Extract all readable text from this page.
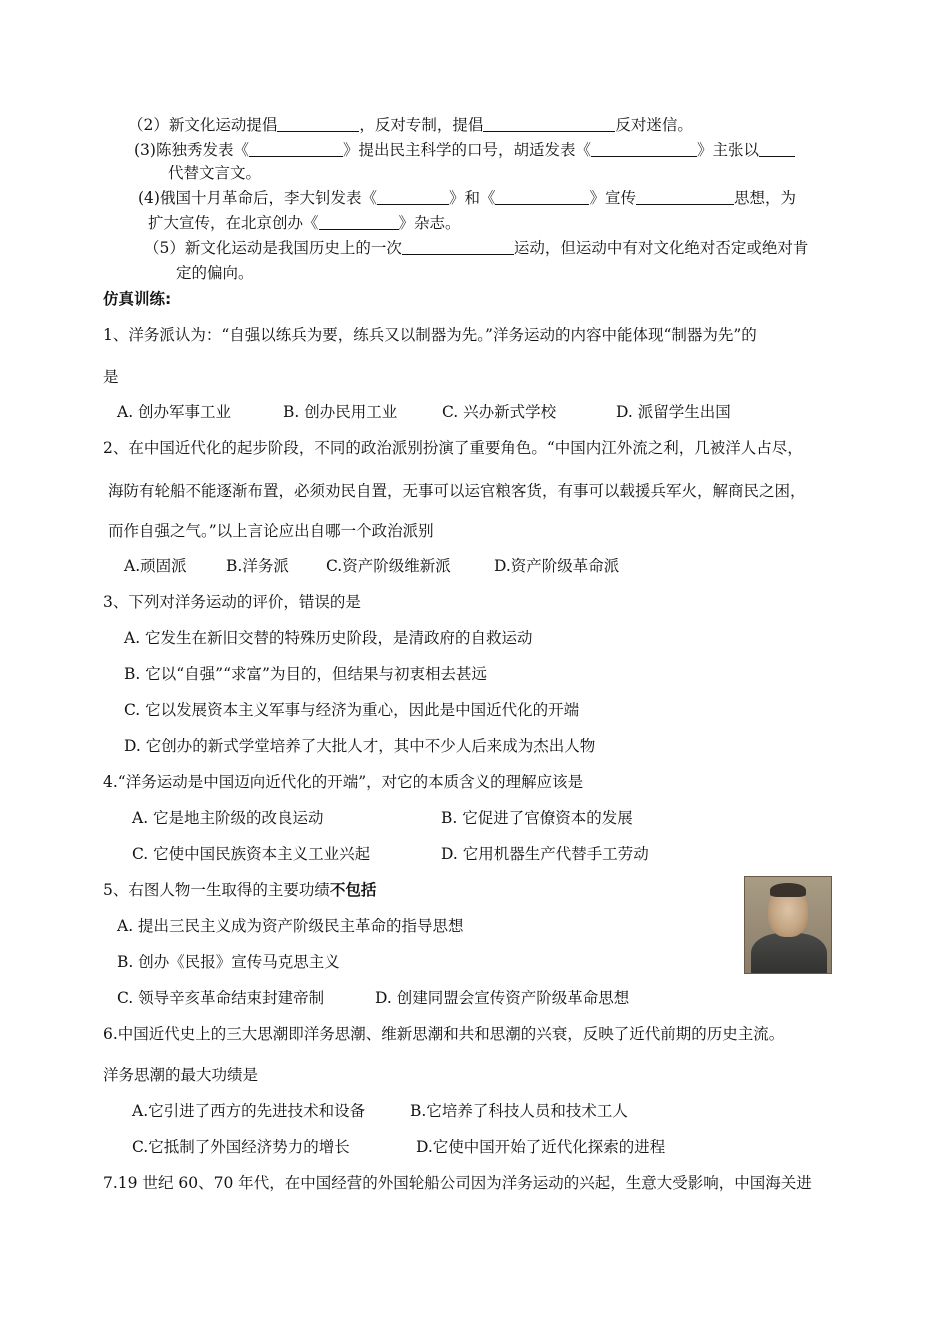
（2）新文化运动提倡	，反对专制，提倡	反对迷信。
(3)陈独秀发表《	》提出民主科学的口号，胡适发表《	》主张以
代替文言文。
(4)俄国十月革命后，李大钊发表《	》和《	》宣传	思想，为
扩大宣传，在北京创办《	》杂志。
（5）新文化运动是我国历史上的一次	运动，但运动中有对文化绝对否定或绝对肯
定的偏向。
仿真训练:
1、洋务派认为：“自强以练兵为要，练兵又以制器为先。”洋务运动的内容中能体现“制器为先”的
是
A. 创办军事工业	B. 创办民用工业	C. 兴办新式学校	D. 派留学生出国
2、在中国近代化的起步阶段，不同的政治派别扮演了重要角色。“中国内江外流之利，几被洋人占尽，
海防有轮船不能逐渐布置，必须劝民自置，无事可以运官粮客货，有事可以载援兵军火，解商民之困，
而作自强之气。”以上言论应出自哪一个政治派别
A.顽固派	B.洋务派 C.资产阶级维新派	D.资产阶级革命派
3、下列对洋务运动的评价，错误的是
A. 它发生在新旧交替的特殊历史阶段，是清政府的自救运动
B. 它以“自强”“求富”为目的，但结果与初衷相去甚远
C. 它以发展资本主义军事与经济为重心，因此是中国近代化的开端
D. 它创办的新式学堂培养了大批人才，其中不少人后来成为杰出人物
4.“洋务运动是中国迈向近代化的开端”，对它的本质含义的理解应该是
A. 它是地主阶级的改良运动	B. 它促进了官僚资本的发展
C. 它使中国民族资本主义工业兴起	D. 它用机器生产代替手工劳动
5、右图人物一生取得的主要功绩不包括
A. 提出三民主义成为资产阶级民主革命的指导思想
B. 创办《民报》宣传马克思主义
C. 领导辛亥革命结束封建帝制	D. 创建同盟会宣传资产阶级革命思想
6.中国近代史上的三大思潮即洋务思潮、维新思潮和共和思潮的兴衰，反映了近代前期的历史主流。
洋务思潮的最大功绩是
A.它引进了西方的先进技术和设备	B.它培养了科技人员和技术工人
C.它抵制了外国经济势力的增长	D.它使中国开始了近代化探索的进程
7.19 世纪 60、70 年代，在中国经营的外国轮船公司因为洋务运动的兴起，生意大受影响，中国海关进
